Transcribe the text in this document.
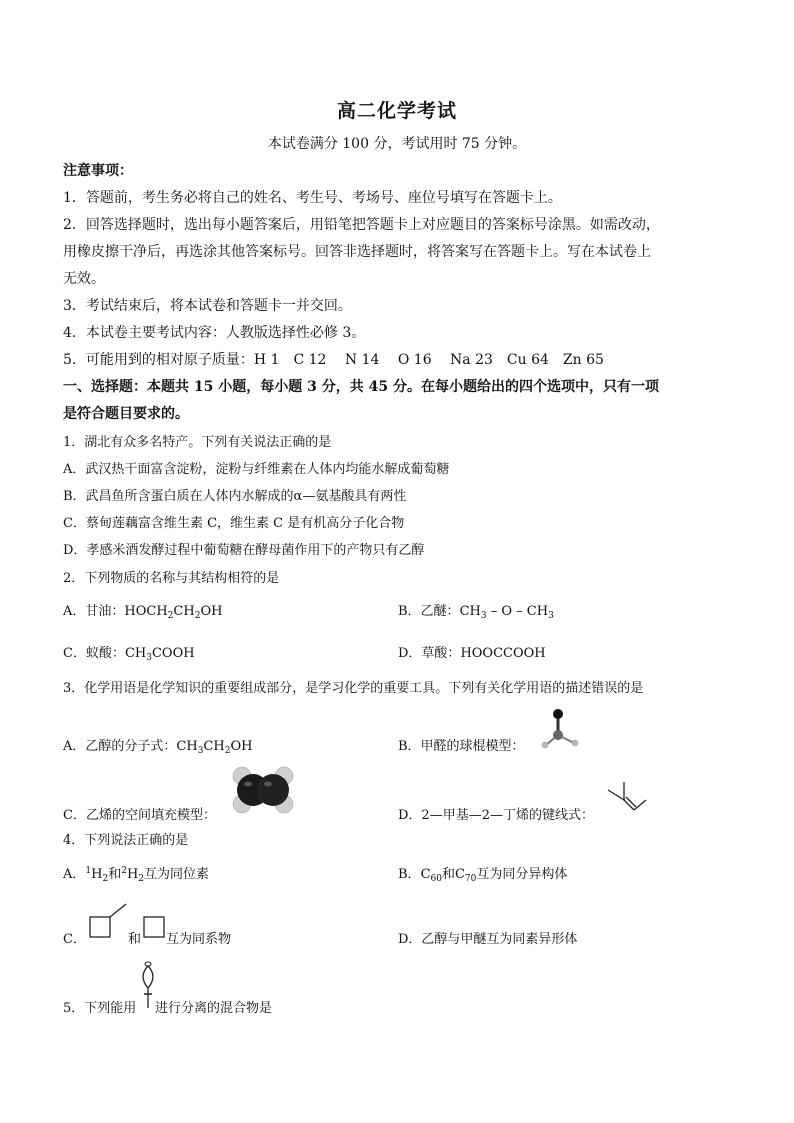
高二化学考试
本试卷满分 100 分，考试用时 75 分钟。
注意事项：
1．答题前，考生务必将自己的姓名、考生号、考场号、座位号填写在答题卡上。
2．回答选择题时，选出每小题答案后，用铅笔把答题卡上对应题目的答案标号涂黑。如需改动，
用橡皮擦干净后，再选涂其他答案标号。回答非选择题时，将答案写在答题卡上。写在本试卷上
无效。
3．考试结束后，将本试卷和答题卡一并交回。
4．本试卷主要考试内容：人教版选择性必修 3。
5．可能用到的相对原子质量：H 1　C 12　 N 14　 O 16　 Na 23　Cu 64　Zn 65
一、选择题：本题共 15 小题，每小题 3 分，共 45 分。在每小题给出的四个选项中，只有一项
是符合题目要求的。
1．湖北有众多名特产。下列有关说法正确的是
A．武汉热干面富含淀粉，淀粉与纤维素在人体内均能水解成葡萄糖
B．武昌鱼所含蛋白质在人体内水解成的α—氨基酸具有两性
C．蔡甸莲藕富含维生素 C，维生素 C 是有机高分子化合物
D．孝感米酒发酵过程中葡萄糖在酵母菌作用下的产物只有乙醇
2．下列物质的名称与其结构相符的是
A．甘油：$HOCH_2CH_2OH$	B．乙醚：$CH_3$ – O – $CH_3$
C．蚁酸：$CH_3COOH$	D．草酸：HOOCCOOH
3．化学用语是化学知识的重要组成部分，是学习化学的重要工具。下列有关化学用语的描述错误的是
A．乙醇的分子式：$CH_3CH_2OH$	B．甲醛的球棍模型：
C．乙烯的空间填充模型：	D．2—甲基—2—丁烯的键线式：
4．下列说法正确的是
A．$^1H_2$和$^2H_2$互为同位素	B．$C_{60}$和$C_{70}$互为同分异构体
C．	和 互为同系物	D．乙醇与甲醚互为同素异形体
5．下列能用 进行分离的混合物是
